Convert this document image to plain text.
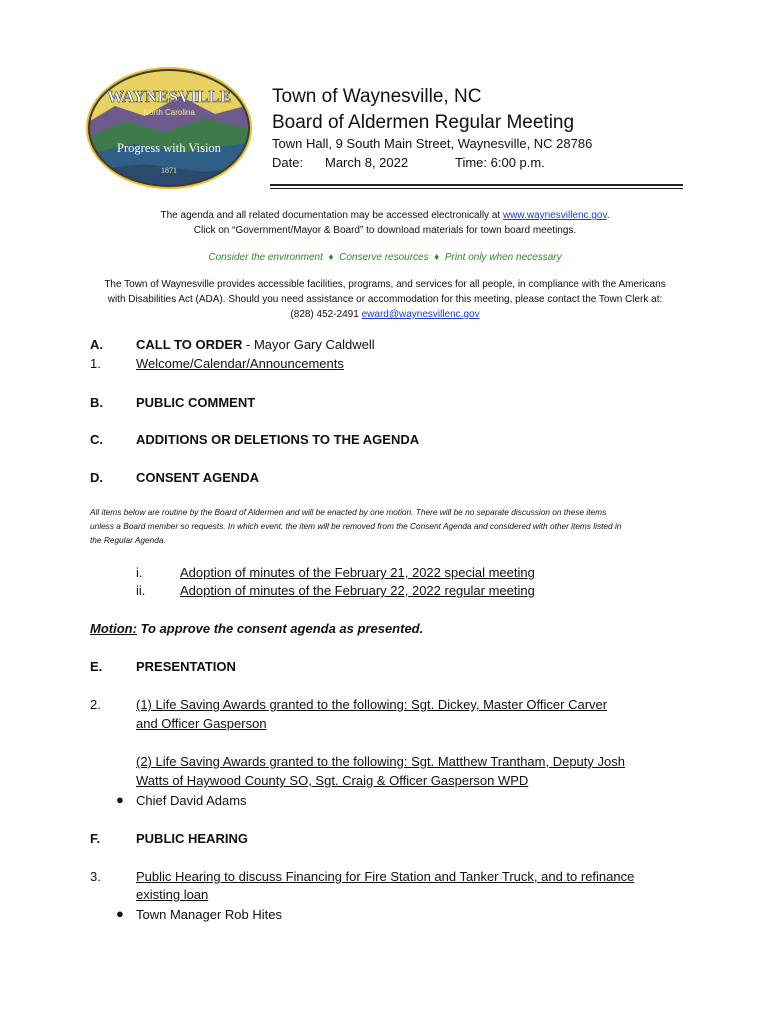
WAYNESVILLE
North Carolina
Progress with Vision
1871
Town of Waynesville, NC
Board of Aldermen Regular Meeting
Town Hall, 9 South Main Street, Waynesville, NC 28786
Date: March 8, 2022	Time: 6:00 p.m.
The agenda and all related documentation may be accessed electronically at www.waynesvillenc.gov.
Click on “Government/Mayor & Board” to download materials for town board meetings.
Consider the environment  ♦  Conserve resources  ♦  Print only when necessary
The Town of Waynesville provides accessible facilities, programs, and services for all people, in compliance with the Americans
with Disabilities Act (ADA). Should you need assistance or accommodation for this meeting, please contact the Town Clerk at:
(828) 452-2491 eward@waynesvillenc.gov
A.	CALL TO ORDER - Mayor Gary Caldwell
1.	Welcome/Calendar/Announcements
B.	PUBLIC COMMENT
C.	ADDITIONS OR DELETIONS TO THE AGENDA
D.	CONSENT AGENDA
All items below are routine by the Board of Aldermen and will be enacted by one motion. There will be no separate discussion on these items
unless a Board member so requests. In which event, the item will be removed from the Consent Agenda and considered with other items listed in
the Regular Agenda.
i.	Adoption of minutes of the February 21, 2022 special meeting
ii.	Adoption of minutes of the February 22, 2022 regular meeting
Motion: To approve the consent agenda as presented.
E.	PRESENTATION
2.	(1) Life Saving Awards granted to the following: Sgt. Dickey, Master Officer Carver
and Officer Gasperson
(2) Life Saving Awards granted to the following: Sgt. Matthew Trantham, Deputy Josh
Watts of Haywood County SO, Sgt. Craig & Officer Gasperson WPD
● Chief David Adams
F.	PUBLIC HEARING
3.	Public Hearing to discuss Financing for Fire Station and Tanker Truck, and to refinance
existing loan
● Town Manager Rob Hites
